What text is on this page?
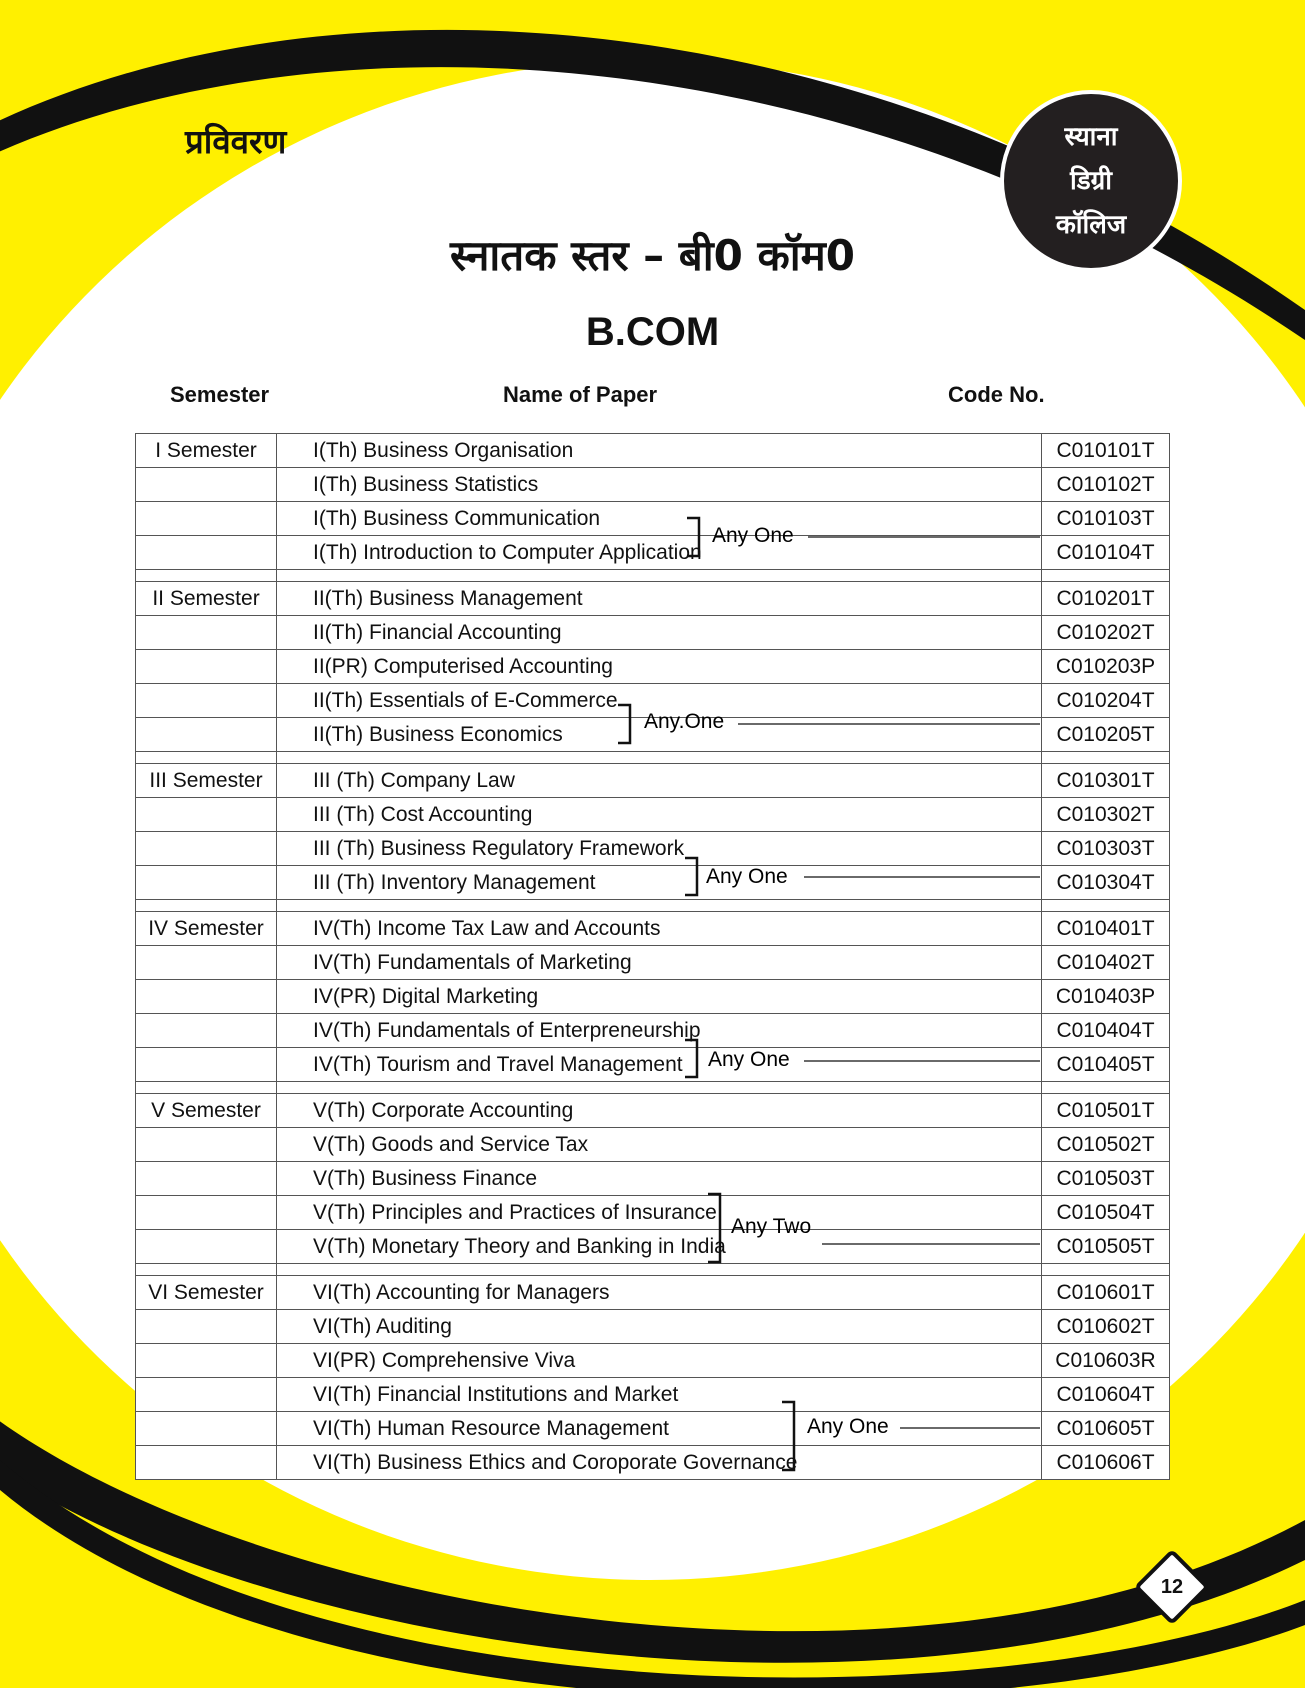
प्रविवरण	स्याना
डिग्री
कॉलिज
स्नातक स्तर – बी0 कॉम0
B.COM
Semester	Name of Paper	Code No.
I Semester	I(Th) Business Organisation	C010101T
	I(Th) Business Statistics	C010102T
	I(Th) Business Communication	C010103T
	I(Th) Introduction to Computer Application	C010104T

II Semester	II(Th) Business Management	C010201T
	II(Th) Financial Accounting	C010202T
	II(PR) Computerised Accounting	C010203P
	II(Th) Essentials of E-Commerce	C010204T
	II(Th) Business Economics	C010205T

III Semester	III (Th) Company Law	C010301T
	III (Th) Cost Accounting	C010302T
	III (Th) Business Regulatory Framework	C010303T
	III (Th) Inventory Management	C010304T

IV Semester	IV(Th) Income Tax Law and Accounts	C010401T
	IV(Th) Fundamentals of Marketing	C010402T
	IV(PR) Digital Marketing	C010403P
	IV(Th) Fundamentals of Enterpreneurship	C010404T
	IV(Th) Tourism and Travel Management	C010405T

V Semester	V(Th) Corporate Accounting	C010501T
	V(Th) Goods and Service Tax	C010502T
	V(Th) Business Finance	C010503T
	V(Th) Principles and Practices of Insurance	C010504T
	V(Th) Monetary Theory and Banking in India	C010505T

VI Semester	VI(Th) Accounting for Managers	C010601T
	VI(Th) Auditing	C010602T
	VI(PR) Comprehensive Viva	C010603R
	VI(Th) Financial Institutions and Market	C010604T
	VI(Th) Human Resource Management	C010605T
	VI(Th) Business Ethics and Coroporate Governance	C010606T
Any One
Any.One
Any One
Any One
Any Two
Any One
12
